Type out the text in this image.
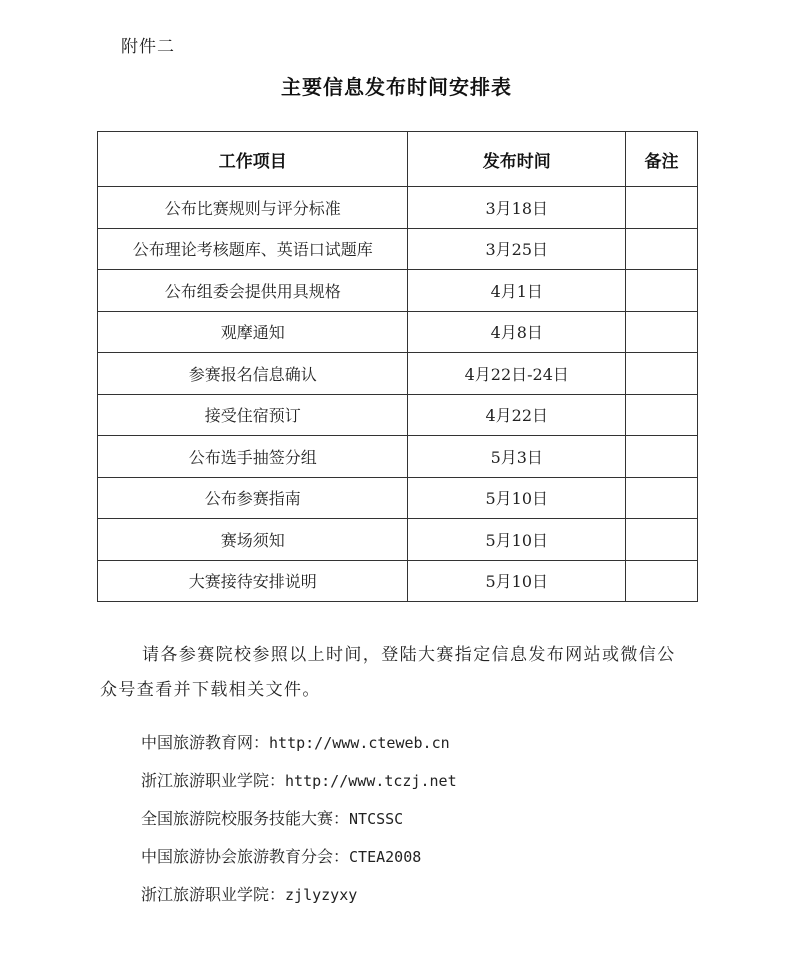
附件二
主要信息发布时间安排表
工作项目	发布时间	备注
公布比赛规则与评分标准	3月18日	
公布理论考核题库、英语口试题库	3月25日	
公布组委会提供用具规格	4月1日	
观摩通知	4月8日	
参赛报名信息确认	4月22日-24日	
接受住宿预订	4月22日	
公布选手抽签分组	5月3日	
公布参赛指南	5月10日	
赛场须知	5月10日	
大赛接待安排说明	5月10日	
请各参赛院校参照以上时间，登陆大赛指定信息发布网站或微信公众号查看并下载相关文件。
中国旅游教育网：http://www.cteweb.cn
浙江旅游职业学院：http://www.tczj.net
全国旅游院校服务技能大赛：NTCSSC
中国旅游协会旅游教育分会：CTEA2008
浙江旅游职业学院：zjlyzyxy
